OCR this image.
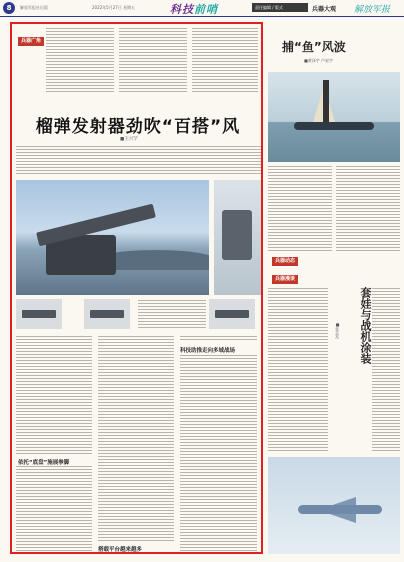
8	解放军报社出版	2022年5月27日 星期五	科技前哨	责任编辑 / 版式	兵器大观 解放军报
兵器广角
榴弹发射器劲吹“百搭”风
■王兴罕
依托“底盘”施展拳脚
科技助推走向多域战场
搭载平台越来越多
捕“鱼”风波
■黄泽宇 卢星宇
兵器动态
兵器漫谈
套娃与战机涂装
■张志杰
